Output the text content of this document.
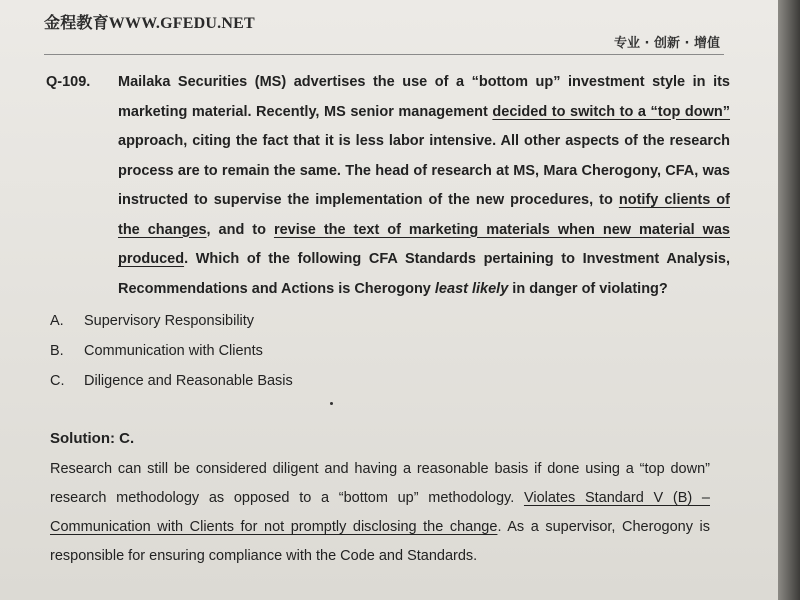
金程教育WWW.GFEDU.NET
专业 · 创新 · 增值
Q-109. Mailaka Securities (MS) advertises the use of a “bottom up” investment style in its marketing material. Recently, MS senior management decided to switch to a “top down” approach, citing the fact that it is less labor intensive. All other aspects of the research process are to remain the same. The head of research at MS, Mara Cherogony, CFA, was instructed to supervise the implementation of the new procedures, to notify clients of the changes, and to revise the text of marketing materials when new material was produced. Which of the following CFA Standards pertaining to Investment Analysis, Recommendations and Actions is Cherogony least likely in danger of violating?
A.	Supervisory Responsibility
B.	Communication with Clients
C.	Diligence and Reasonable Basis
Solution: C.
Research can still be considered diligent and having a reasonable basis if done using a “top down” research methodology as opposed to a “bottom up” methodology. Violates Standard V (B) – Communication with Clients for not promptly disclosing the change. As a supervisor, Cherogony is responsible for ensuring compliance with the Code and Standards.
